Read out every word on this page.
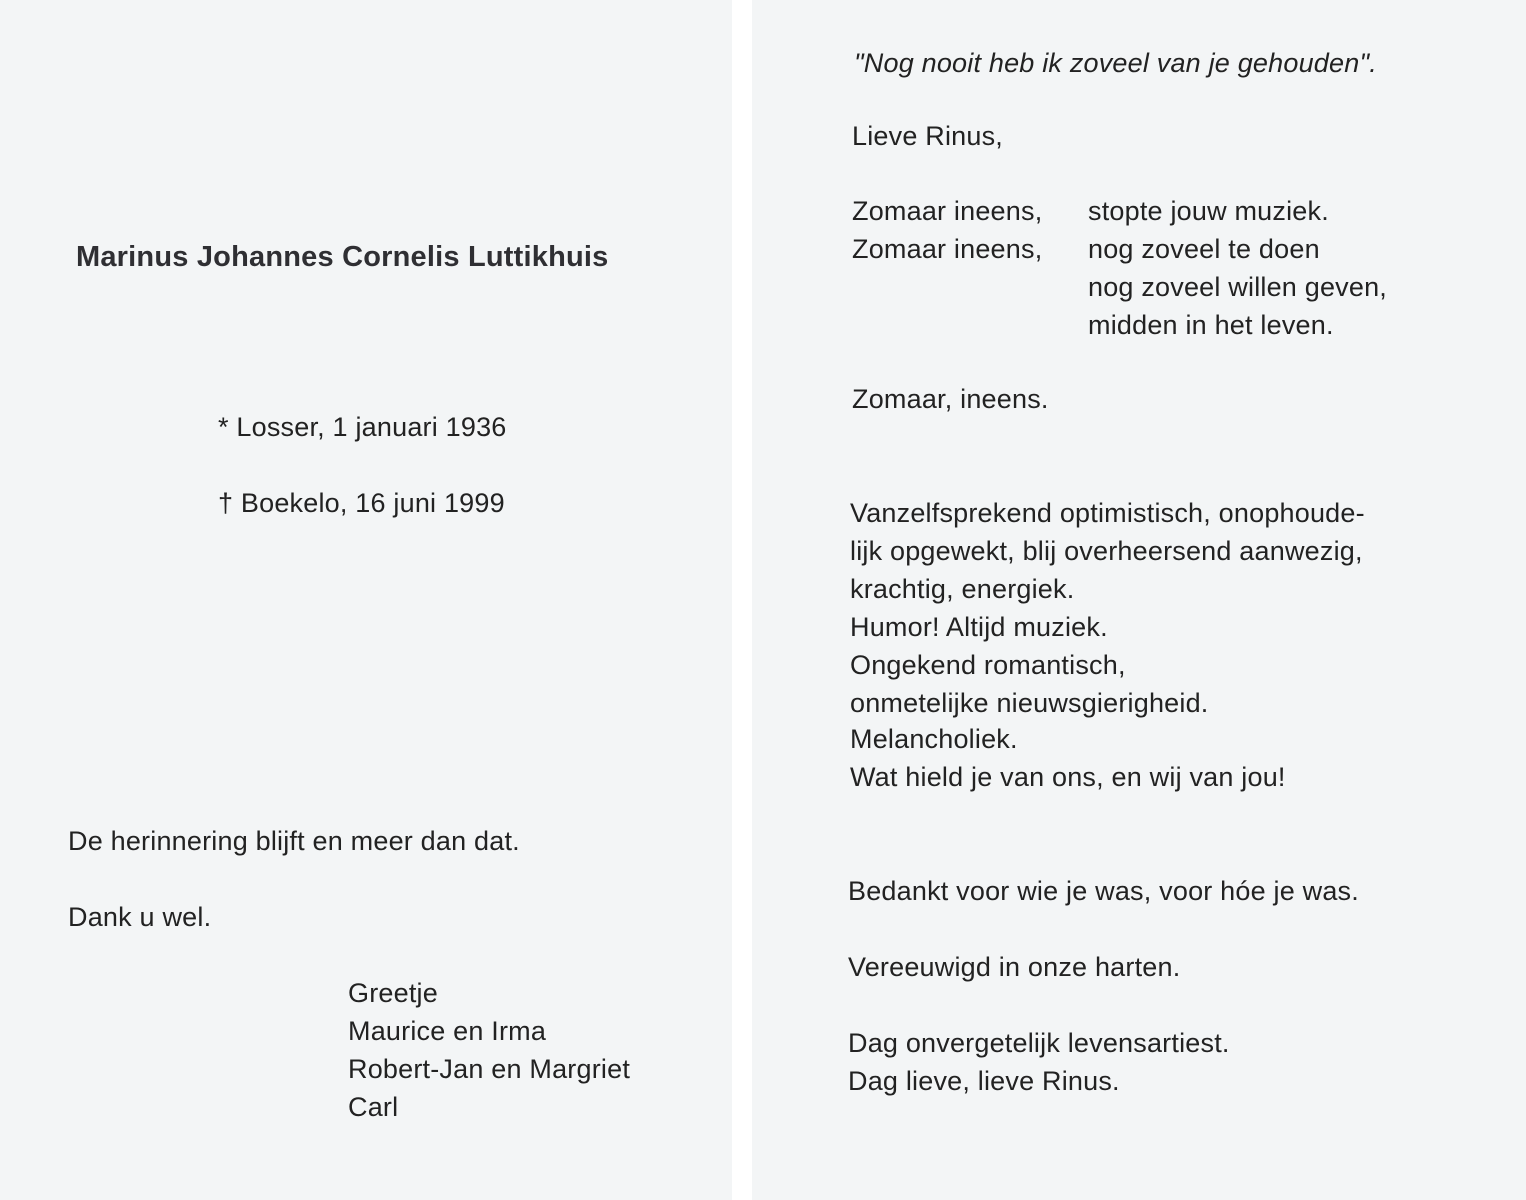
Marinus Johannes Cornelis Luttikhuis
* Losser, 1 januari 1936
† Boekelo, 16 juni 1999
De herinnering blijft en meer dan dat.
Dank u wel.
Greetje
Maurice en Irma
Robert-Jan en Margriet
Carl
"Nog nooit heb ik zoveel van je gehouden".
Lieve Rinus,
Zomaar ineens,
Zomaar ineens,
stopte jouw muziek.
nog zoveel te doen
nog zoveel willen geven,
midden in het leven.
Zomaar, ineens.
Vanzelfsprekend optimistisch, onophoude-
lijk opgewekt, blij overheersend aanwezig,
krachtig, energiek.
Humor! Altijd muziek.
Ongekend romantisch,
onmetelijke nieuwsgierigheid.
Melancholiek.
Wat hield je van ons, en wij van jou!
Bedankt voor wie je was, voor hóe je was.
Vereeuwigd in onze harten.
Dag onvergetelijk levensartiest.
Dag lieve, lieve Rinus.
